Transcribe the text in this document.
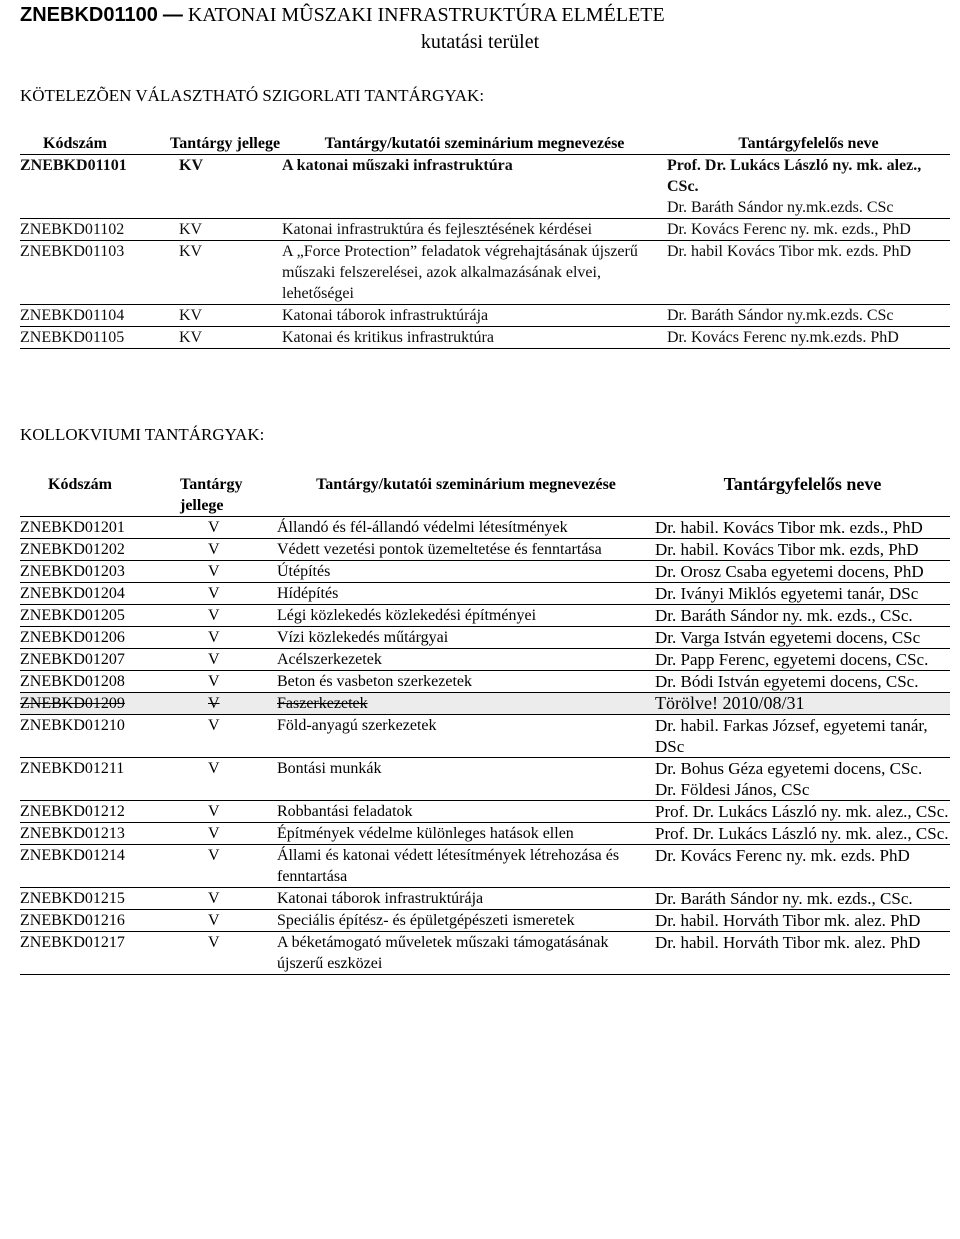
ZNEBKD01100 — KATONAI MÛSZAKI INFRASTRUKTÚRA ELMÉLETE
kutatási terület
KÖTELEZÕEN VÁLASZTHATÓ SZIGORLATI TANTÁRGYAK:
Kódszám	Tantárgy jellege	Tantárgy/kutatói szeminárium megnevezése	Tantárgyfelelős neve
ZNEBKD01101	KV	A katonai műszaki infrastruktúra	Prof. Dr. Lukács László ny. mk. alez., CSc.
Dr. Baráth Sándor ny.mk.ezds. CSc

ZNEBKD01102	KV	Katonai infrastruktúra és fejlesztésének kérdései	Dr. Kovács Ferenc ny. mk. ezds., PhD
ZNEBKD01103	KV	A „Force Protection” feladatok végrehajtásának újszerű műszaki felszerelései, azok alkalmazásának elvei, lehetőségei	Dr. habil Kovács Tibor mk. ezds. PhD
ZNEBKD01104	KV	Katonai táborok infrastruktúrája	Dr. Baráth Sándor ny.mk.ezds. CSc
ZNEBKD01105	KV	Katonai és kritikus infrastruktúra	Dr. Kovács Ferenc ny.mk.ezds. PhD
KOLLOKVIUMI TANTÁRGYAK:
Kódszám	Tantárgy jellege	Tantárgy/kutatói szeminárium megnevezése	Tantárgyfelelős neve
ZNEBKD01201	V	Állandó és fél-állandó védelmi létesítmények	Dr. habil. Kovács Tibor mk. ezds., PhD
ZNEBKD01202	V	Védett vezetési pontok üzemeltetése és fenntartása	Dr. habil. Kovács Tibor mk. ezds, PhD
ZNEBKD01203	V	Útépítés	Dr. Orosz Csaba egyetemi docens, PhD
ZNEBKD01204	V	Hídépítés	Dr. Iványi Miklós egyetemi tanár, DSc
ZNEBKD01205	V	Légi közlekedés közlekedési építményei	Dr. Baráth Sándor ny. mk. ezds., CSc.
ZNEBKD01206	V	Vízi közlekedés műtárgyai	Dr. Varga István egyetemi docens, CSc
ZNEBKD01207	V	Acélszerkezetek	Dr. Papp Ferenc, egyetemi docens, CSc.
ZNEBKD01208	V	Beton és vasbeton szerkezetek	Dr. Bódi István egyetemi docens, CSc.
ZNEBKD01209	V	Faszerkezetek	Törölve! 2010/08/31
ZNEBKD01210	V	Föld-anyagú szerkezetek	Dr. habil. Farkas József, egyetemi tanár, DSc
ZNEBKD01211	V	Bontási munkák	Dr. Bohus Géza egyetemi docens, CSc.
Dr. Földesi János, CSc

ZNEBKD01212	V	Robbantási feladatok	Prof. Dr. Lukács László ny. mk. alez., CSc.
ZNEBKD01213	V	Építmények védelme különleges hatások ellen	Prof. Dr. Lukács László ny. mk. alez., CSc.
ZNEBKD01214	V	Állami és katonai védett létesítmények létrehozása és fenntartása	Dr. Kovács Ferenc ny. mk. ezds. PhD
ZNEBKD01215	V	Katonai táborok infrastruktúrája	Dr. Baráth Sándor ny. mk. ezds., CSc.
ZNEBKD01216	V	Speciális építész- és épületgépészeti ismeretek	Dr. habil. Horváth Tibor mk. alez. PhD
ZNEBKD01217	V	A béketámogató műveletek műszaki támogatásának újszerű eszközei	Dr. habil. Horváth Tibor mk. alez. PhD
